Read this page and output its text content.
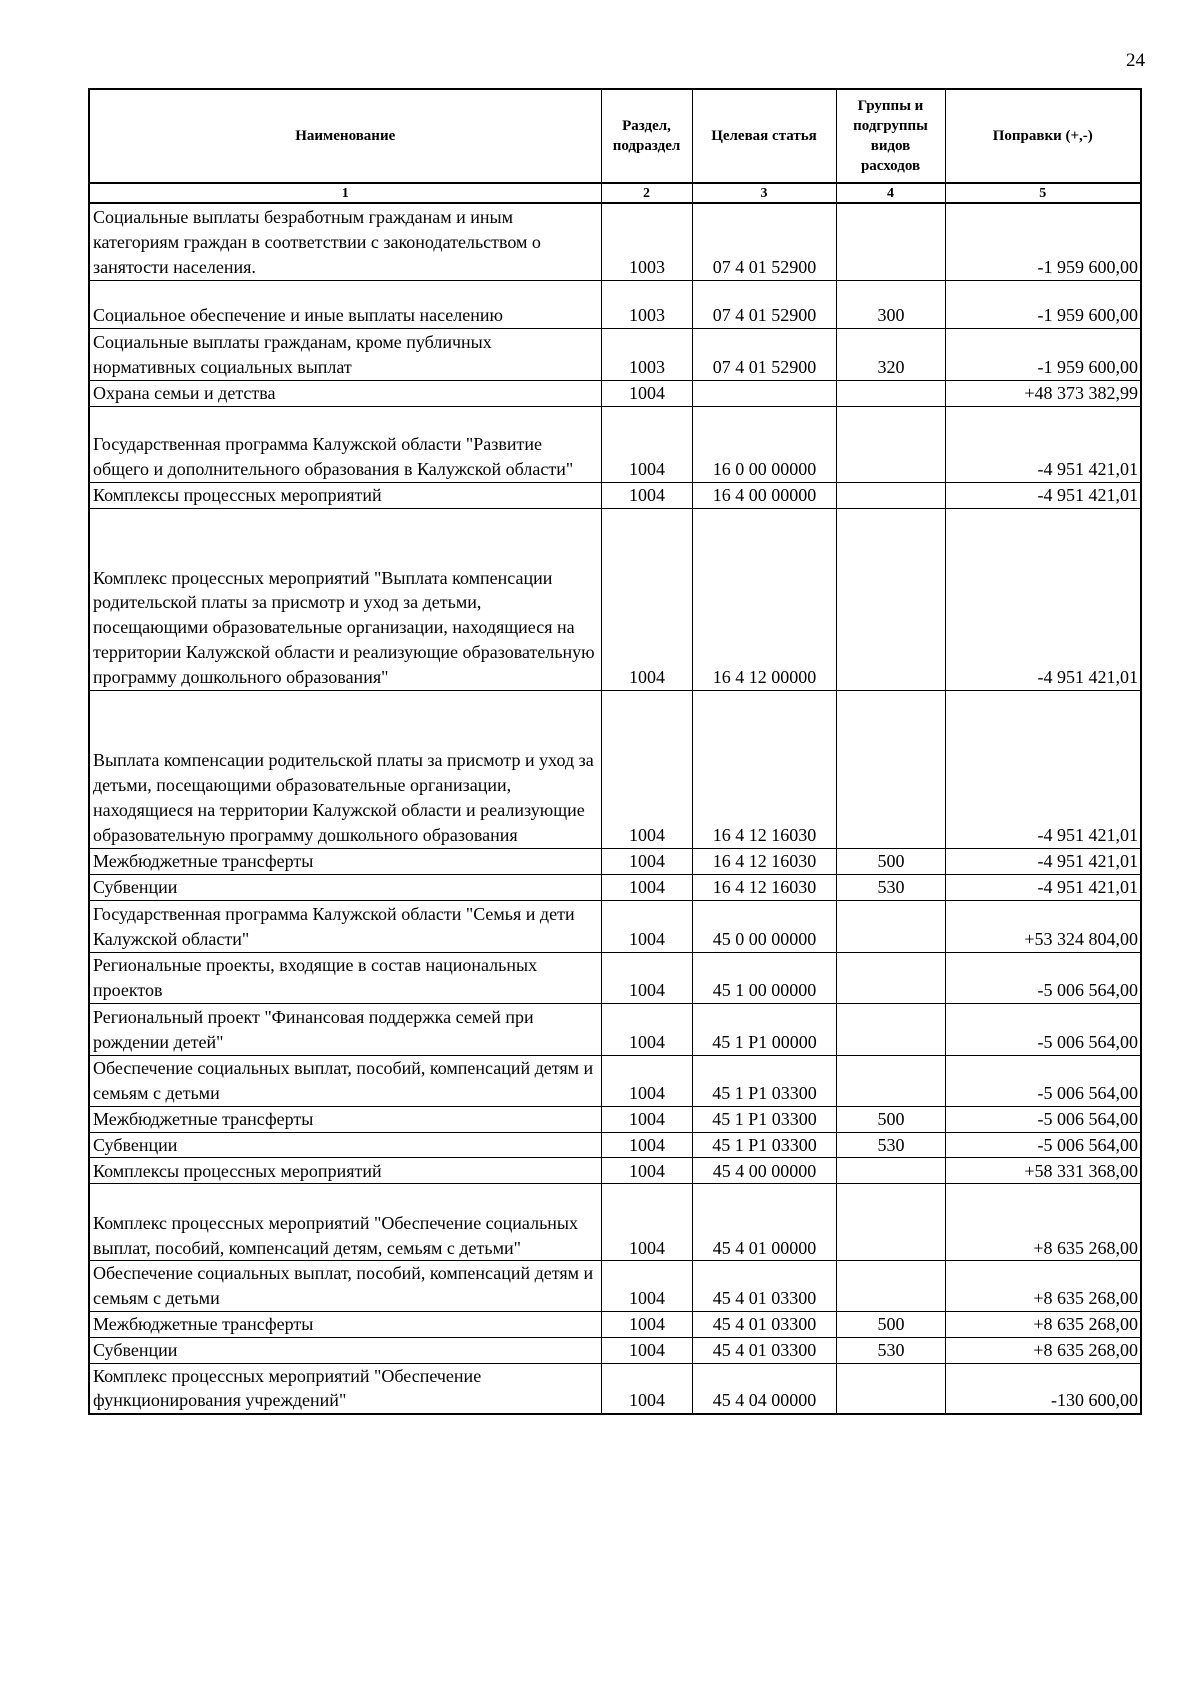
24
Наименование	Раздел, подраздел	Целевая статья	Группы и подгруппы видов расходов	Поправки (+,-)
1	2	3	4	5
Социальные выплаты безработным гражданам и иным категориям граждан в соответствии с законодательством о занятости населения.	1003	07 4 01 52900		-1 959 600,00
Социальное обеспечение и иные выплаты населению	1003	07 4 01 52900	300	-1 959 600,00
Социальные выплаты гражданам, кроме публичных нормативных социальных выплат	1003	07 4 01 52900	320	-1 959 600,00
Охрана семьи и детства	1004			+48 373 382,99
Государственная программа Калужской области "Развитие общего и дополнительного образования в Калужской области"	1004	16 0 00 00000		-4 951 421,01
Комплексы процессных мероприятий	1004	16 4 00 00000		-4 951 421,01
Комплекс процессных мероприятий "Выплата компенсации родительской платы за присмотр и уход за детьми, посещающими образовательные организации, находящиеся на территории Калужской области и реализующие образовательную программу дошкольного образования"	1004	16 4 12 00000		-4 951 421,01
Выплата компенсации родительской платы за присмотр и уход за детьми, посещающими образовательные организации, находящиеся на территории Калужской области и реализующие образовательную программу дошкольного образования	1004	16 4 12 16030		-4 951 421,01
Межбюджетные трансферты	1004	16 4 12 16030	500	-4 951 421,01
Субвенции	1004	16 4 12 16030	530	-4 951 421,01
Государственная программа Калужской области "Семья и дети Калужской области"	1004	45 0 00 00000		+53 324 804,00
Региональные проекты, входящие в состав национальных проектов	1004	45 1 00 00000		-5 006 564,00
Региональный проект "Финансовая поддержка семей при рождении детей"	1004	45 1 P1 00000		-5 006 564,00
Обеспечение социальных выплат, пособий, компенсаций детям и семьям с детьми	1004	45 1 P1 03300		-5 006 564,00
Межбюджетные трансферты	1004	45 1 P1 03300	500	-5 006 564,00
Субвенции	1004	45 1 P1 03300	530	-5 006 564,00
Комплексы процессных мероприятий	1004	45 4 00 00000		+58 331 368,00
Комплекс процессных мероприятий "Обеспечение социальных выплат, пособий, компенсаций детям, семьям с детьми"	1004	45 4 01 00000		+8 635 268,00
Обеспечение социальных выплат, пособий, компенсаций детям и семьям с детьми	1004	45 4 01 03300		+8 635 268,00
Межбюджетные трансферты	1004	45 4 01 03300	500	+8 635 268,00
Субвенции	1004	45 4 01 03300	530	+8 635 268,00
Комплекс процессных мероприятий "Обеспечение функционирования учреждений"	1004	45 4 04 00000		-130 600,00
